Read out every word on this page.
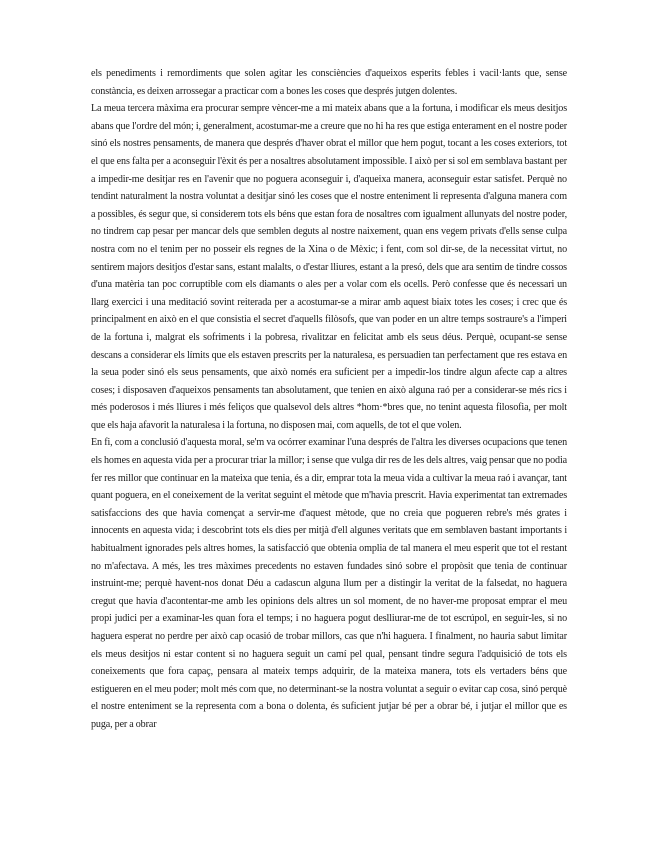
els penediments i remordiments que solen agitar les consciències d'aqueixos esperits febles i vacil·lants que, sense constància, es deixen arrossegar a practicar com a bones les coses que després jutgen dolentes.

La meua tercera màxima era procurar sempre vèncer-me a mi mateix abans que a la fortuna, i modificar els meus desitjos abans que l'ordre del món; i, generalment, acostumar-me a creure que no hi ha res que estiga enterament en el nostre poder sinó els nostres pensaments, de manera que després d'haver obrat el millor que hem pogut, tocant a les coses exteriors, tot el que ens falta per a aconseguir l'èxit és per a nosaltres absolutament impossible. I això per si sol em semblava bastant per a impedir-me desitjar res en l'avenir que no poguera aconseguir i, d'aqueixa manera, aconseguir estar satisfet. Perquè no tendint naturalment la nostra voluntat a desitjar sinó les coses que el nostre enteniment li representa d'alguna manera com a possibles, és segur que, si considerem tots els béns que estan fora de nosaltres com igualment allunyats del nostre poder, no tindrem cap pesar per mancar dels que semblen deguts al nostre naixement, quan ens vegem privats d'ells sense culpa nostra com no el tenim per no posseir els regnes de la Xina o de Mèxic; i fent, com sol dir-se, de la necessitat virtut, no sentirem majors desitjos d'estar sans, estant malalts, o d'estar lliures, estant a la presó, dels que ara sentim de tindre cossos d'una matèria tan poc corruptible com els diamants o ales per a volar com els ocells. Però confesse que és necessari un llarg exercici i una meditació sovint reiterada per a acostumar-se a mirar amb aquest biaix totes les coses; i crec que és principalment en això en el que consistia el secret d'aquells filòsofs, que van poder en un altre temps sostraure's a l'imperi de la fortuna i, malgrat els sofriments i la pobresa, rivalitzar en felicitat amb els seus déus. Perquè, ocupant-se sense descans a considerar els límits que els estaven prescrits per la naturalesa, es persuadien tan perfectament que res estava en la seua poder sinó els seus pensaments, que això només era suficient per a impedir-los tindre algun afecte cap a altres coses; i disposaven d'aqueixos pensaments tan absolutament, que tenien en això alguna raó per a considerar-se més rics i més poderosos i més lliures i més feliços que qualsevol dels altres *hom·*bres que, no tenint aquesta filosofia, per molt que els haja afavorit la naturalesa i la fortuna, no disposen mai, com aquells, de tot el que volen.

En fi, com a conclusió d'aquesta moral, se'm va ocórrer examinar l'una després de l'altra les diverses ocupacions que tenen els homes en aquesta vida per a procurar triar la millor; i sense que vulga dir res de les dels altres, vaig pensar que no podia fer res millor que continuar en la mateixa que tenia, és a dir, emprar tota la meua vida a cultivar la meua raó i avançar, tant quant poguera, en el coneixement de la veritat seguint el mètode que m'havia prescrit. Havia experimentat tan extremades satisfaccions des que havia començat a servir-me d'aquest mètode, que no creia que pogueren rebre's més grates i innocents en aquesta vida; i descobrint tots els dies per mitjà d'ell algunes veritats que em semblaven bastant importants i habitualment ignorades pels altres homes, la satisfacció que obtenia omplia de tal manera el meu esperit que tot el restant no m'afectava. A més, les tres màximes precedents no estaven fundades sinó sobre el propòsit que tenia de continuar instruint-me; perquè havent-nos donat Déu a cadascun alguna llum per a distingir la veritat de la falsedat, no haguera cregut que havia d'acontentar-me amb les opinions dels altres un sol moment, de no haver-me proposat emprar el meu propi judici per a examinar-les quan fora el temps; i no haguera pogut deslliurar-me de tot escrúpol, en seguir-les, si no haguera esperat no perdre per això cap ocasió de trobar millors, cas que n'hi haguera. I finalment, no hauria sabut limitar els meus desitjos ni estar content si no haguera seguit un camí pel qual, pensant tindre segura l'adquisició de tots els coneixements que fora capaç, pensara al mateix temps adquirir, de la mateixa manera, tots els vertaders béns que estigueren en el meu poder; molt més com que, no determinant-se la nostra voluntat a seguir o evitar cap cosa, sinó perquè el nostre enteniment se la representa com a bona o dolenta, és suficient jutjar bé per a obrar bé, i jutjar el millor que es puga, per a obrar
